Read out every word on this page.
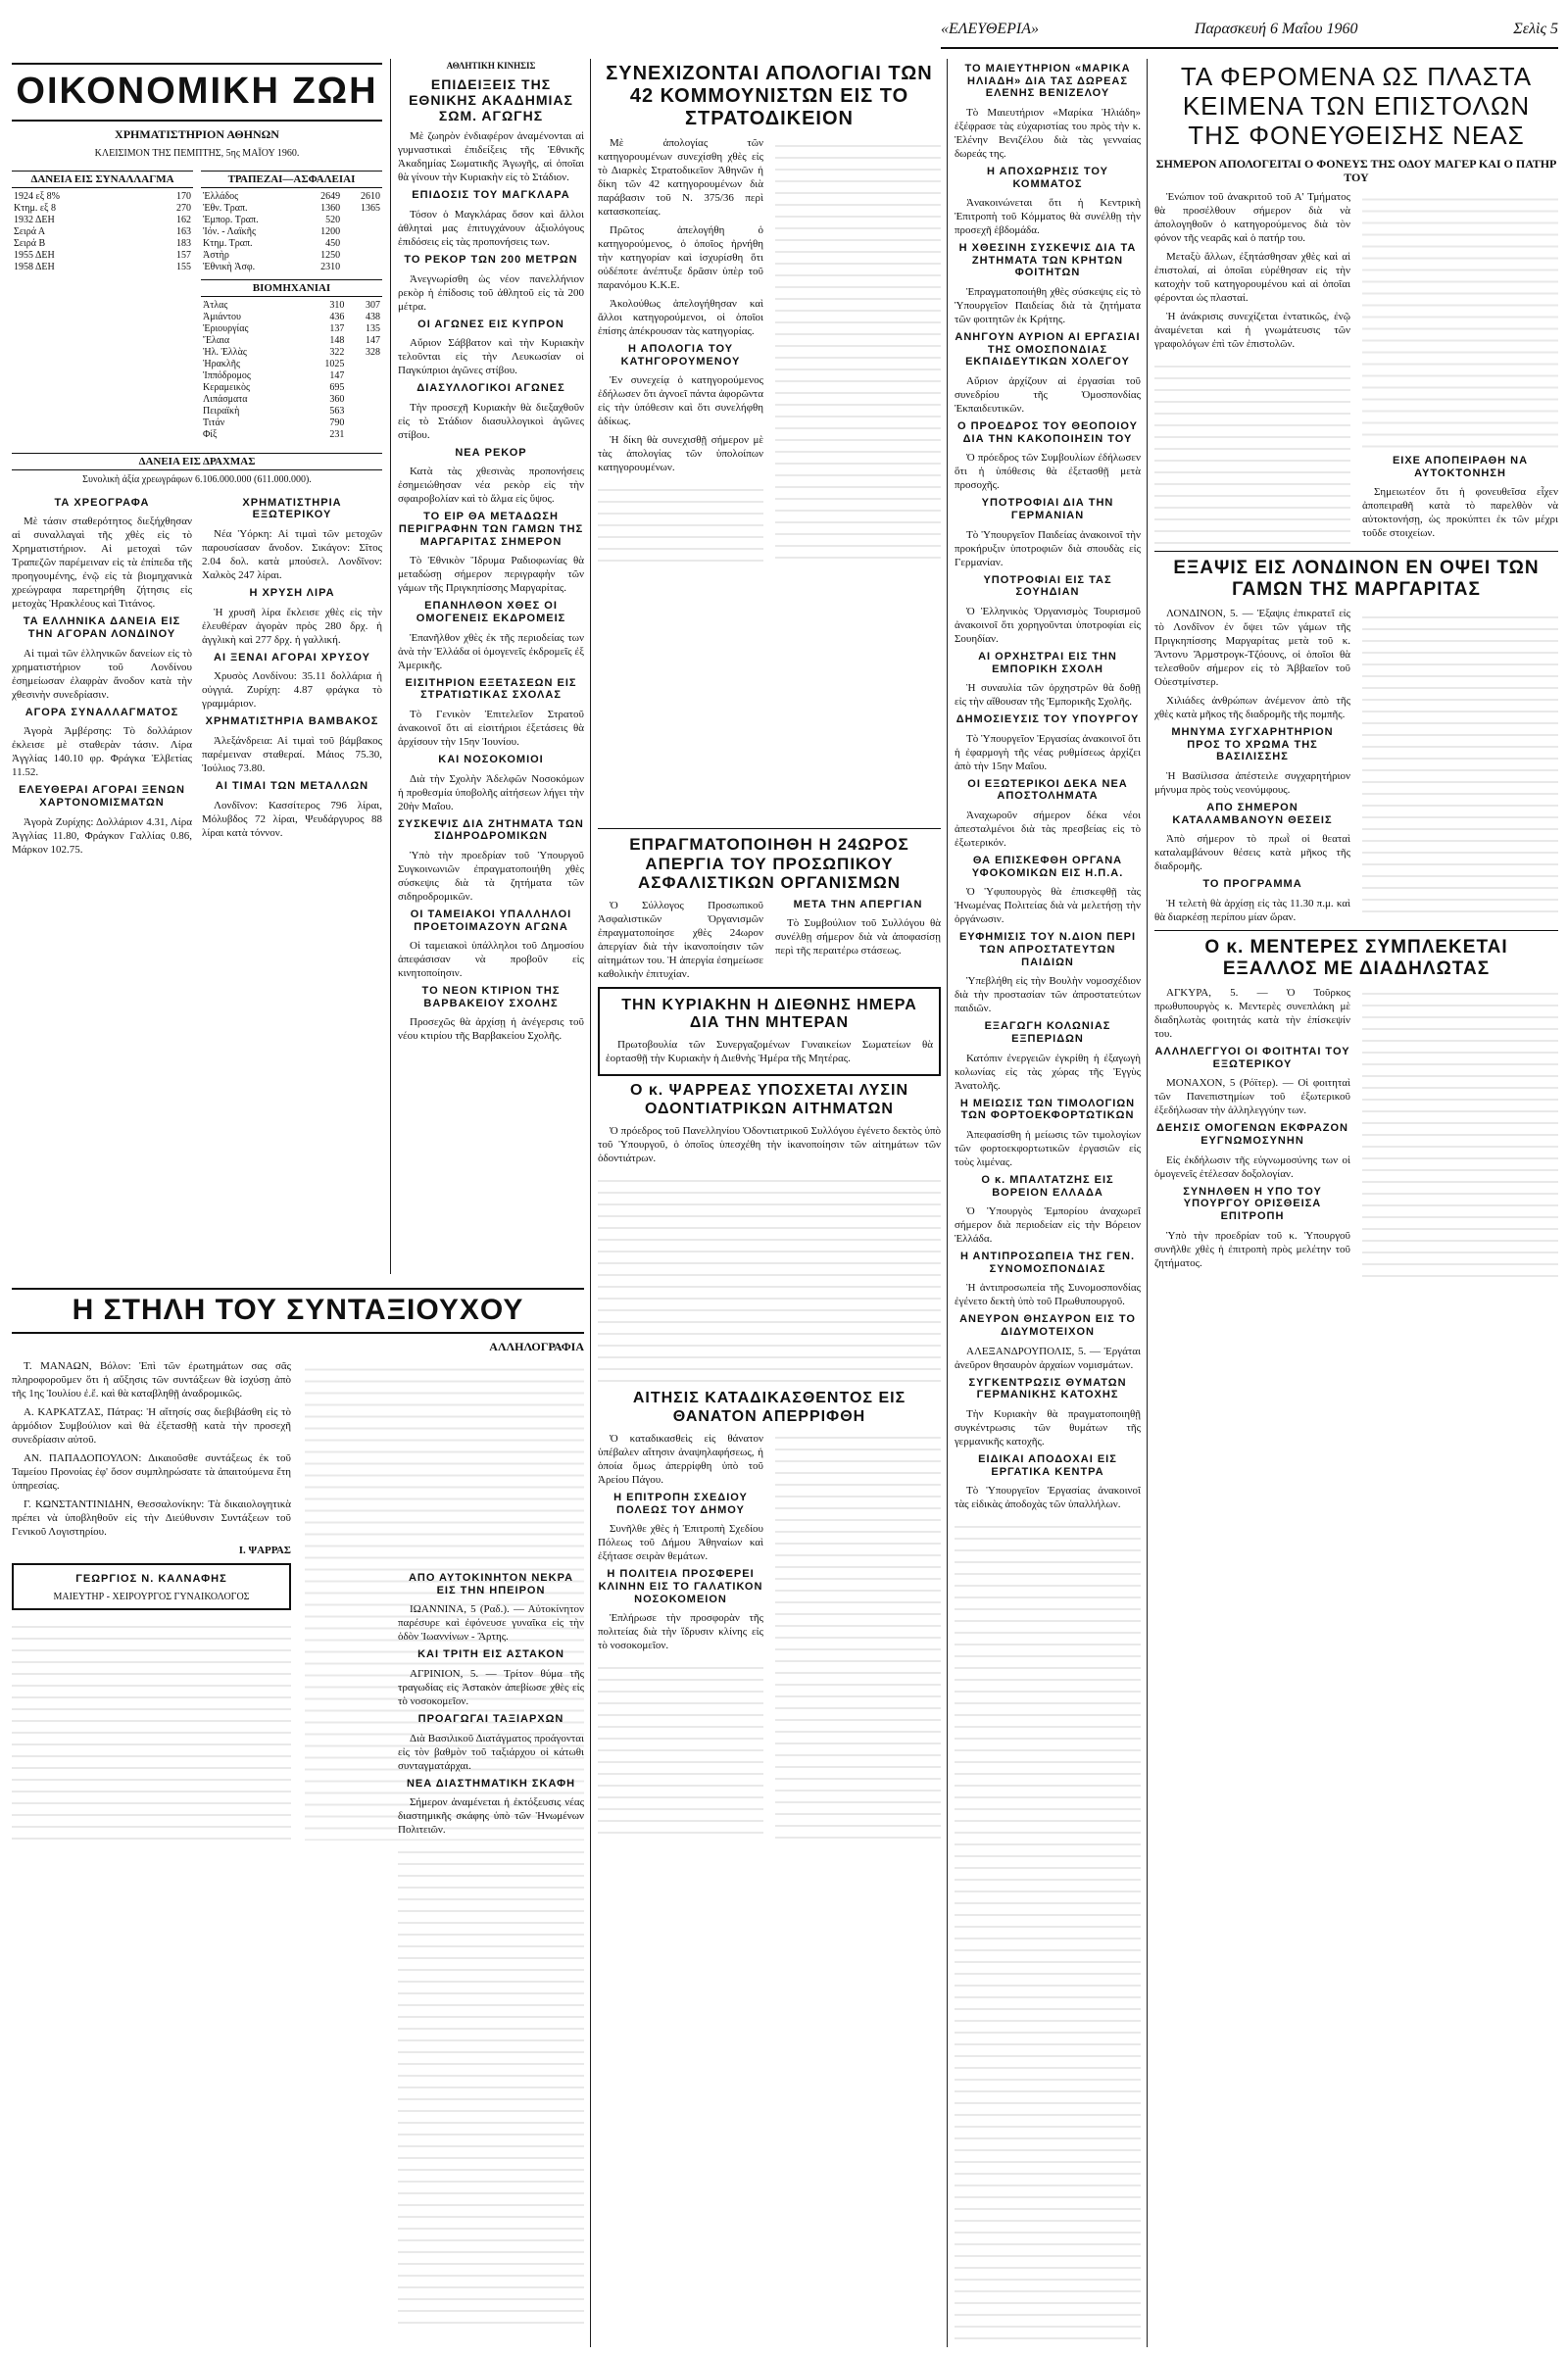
«ΕΛΕΥΘΕΡΙΑ»	Παρασκευή 6 Μαΐου 1960	Σελὶς 5
ΟΙΚΟΝΟΜΙΚΗ ΖΩΗ
ΧΡΗΜΑΤΙΣΤΗΡΙΟΝ ΑΘΗΝΩΝ
ΚΛΕΙΣΙΜΟΝ ΤΗΣ ΠΕΜΠΤΗΣ, 5ης ΜΑΪΟΥ 1960.
ΔΑΝΕΙΑ ΕΙΣ ΣΥΝΑΛΛΑΓΜΑ
1924 εξ 8%	170
Κτημ. εξ 8	270
1932 ΔΕΗ	162
Σειρά Α	163
Σειρά Β	183
1955 ΔΕΗ	157
1958 ΔΕΗ	155
ΤΡΑΠΕΖΑΙ—ΑΣΦΑΛΕΙΑΙ
Ἑλλάδος	2649	2610
Ἐθν. Τραπ.	1360	1365
Ἐμπορ. Τραπ.	520	
Ἰόν. - Λαϊκῆς	1200	
Κτημ. Τραπ.	450	
Ἀστὴρ	1250	
Ἐθνικὴ Ἀσφ.	2310	
ΒΙΟΜΗΧΑΝΙΑΙ
Ἀτλας	310	307
Ἀμιάντου	436	438
Ἐριουργίας	137	135
Ἔλαια	148	147
Ἡλ. Ἐλλὰς	322	328
Ἡρακλῆς	1025	
Ἰππόδρομος	147	
Κεραμεικὸς	695	
Λιπάσματα	360	
Πειραϊκὴ	563	
Τιτάν	790	
Φίξ	231	
ΔΑΝΕΙΑ ΕΙΣ ΔΡΑΧΜΑΣ
Συνολικὴ ἀξία χρεωγράφων 6.106.000.000 (611.000.000).
ΤΑ ΧΡΕΟΓΡΑΦΑ

Μὲ τάσιν σταθερότητος διεξήχθησαν αἱ συναλλαγαὶ τῆς χθὲς εἰς τὸ Χρηματιστήριον. Αἱ μετοχαὶ τῶν Τραπεζῶν παρέμειναν εἰς τὰ ἐπίπεδα τῆς προηγουμένης, ἐνῷ εἰς τὰ βιομηχανικὰ χρεώγραφα παρετηρήθη ζήτησις εἰς μετοχὰς Ἡρακλέους καὶ Τιτάνος.

ΤΑ ΕΛΛΗΝΙΚΑ ΔΑΝΕΙΑ ΕΙΣ ΤΗΝ ΑΓΟΡΑΝ ΛΟΝΔΙΝΟΥ

Αἱ τιμαὶ τῶν ἑλληνικῶν δανείων εἰς τὸ χρηματιστήριον τοῦ Λονδίνου ἐσημείωσαν ἐλαφρὰν ἄνοδον κατὰ τὴν χθεσινὴν συνεδρίασιν.

ΑΓΟΡΑ ΣΥΝΑΛΛΑΓΜΑΤΟΣ

Ἀγορὰ Ἀμβέρσης: Τὸ δολλάριον ἐκλεισε μὲ σταθερὰν τάσιν. Λίρα Ἀγγλίας 140.10 φρ. Φράγκα Ἑλβετίας 11.52.

ΕΛΕΥΘΕΡΑΙ ΑΓΟΡΑΙ ΞΕΝΩΝ ΧΑΡΤΟΝΟΜΙΣΜΑΤΩΝ

Ἀγορὰ Ζυρίχης: Δολλάριον 4.31, Λίρα Ἀγγλίας 11.80, Φράγκον Γαλλίας 0.86, Μάρκον 102.75.

ΧΡΗΜΑΤΙΣΤΗΡΙΑ ΕΞΩΤΕΡΙΚΟΥ

Νέα Ὑόρκη: Αἱ τιμαὶ τῶν μετοχῶν παρουσίασαν ἄνοδον. Σικάγον: Σῖτος 2.04 δολ. κατὰ μπούσελ. Λονδῖνον: Χαλκὸς 247 λίραι.

Η ΧΡΥΣΗ ΛΙΡΑ

Ἡ χρυσῆ λίρα ἔκλεισε χθὲς εἰς τὴν ἐλευθέραν ἀγορὰν πρὸς 280 δρχ. ἡ ἀγγλικὴ καὶ 277 δρχ. ἡ γαλλική.

ΑΙ ΞΕΝΑΙ ΑΓΟΡΑΙ ΧΡΥΣΟΥ

Χρυσὸς Λονδίνου: 35.11 δολλάρια ἡ οὐγγιά. Ζυρίχη: 4.87 φράγκα τὸ γραμμάριον.

ΧΡΗΜΑΤΙΣΤΗΡΙΑ ΒΑΜΒΑΚΟΣ

Ἀλεξάνδρεια: Αἱ τιμαὶ τοῦ βάμβακος παρέμειναν σταθεραί. Μάιος 75.30, Ἰούλιος 73.80.

ΑΙ ΤΙΜΑΙ ΤΩΝ ΜΕΤΑΛΛΩΝ

Λονδῖνον: Κασσίτερος 796 λίραι, Μόλυβδος 72 λίραι, Ψευδάργυρος 88 λίραι κατὰ τόννον.

Η ΣΤΗΛΗ ΤΟΥ ΣΥΝΤΑΞΙΟΥΧΟΥ
ΑΛΛΗΛΟΓΡΑΦΙΑ

Τ. ΜΑΝΑΩΝ, Βόλον: Ἐπὶ τῶν ἐρωτημάτων σας σᾶς πληροφοροῦμεν ὅτι ἡ αὔξησις τῶν συντάξεων θὰ ἰσχύσῃ ἀπὸ τῆς 1ης Ἰουλίου ἐ.ἔ. καὶ θὰ καταβληθῇ ἀναδρομικῶς.

Α. ΚΑΡΚΑΤΖΑΣ, Πάτρας: Ἡ αἴτησίς σας διεβιβάσθη εἰς τὸ ἁρμόδιον Συμβούλιον καὶ θὰ ἐξετασθῇ κατὰ τὴν προσεχῆ συνεδρίασιν αὐτοῦ.

ΑΝ. ΠΑΠΑΔΟΠΟΥΛΟΝ: Δικαιοῦσθε συντάξεως ἐκ τοῦ Ταμείου Προνοίας ἐφ' ὅσον συμπληρώσατε τὰ ἀπαιτούμενα ἔτη ὑπηρεσίας.

Γ. ΚΩΝΣΤΑΝΤΙΝΙΔΗΝ, Θεσσαλονίκην: Τὰ δικαιολογητικὰ πρέπει νὰ ὑποβληθοῦν εἰς τὴν Διεύθυνσιν Συντάξεων τοῦ Γενικοῦ Λογιστηρίου.

Ι. ΨΑΡΡΑΣ
ΓΕΩΡΓΙΟΣ Ν. ΚΑΛΝΑΦΗΣ
ΜΑΙΕΥΤΗΡ - ΧΕΙΡΟΥΡΓΟΣ ΓΥΝΑΙΚΟΛΟΓΟΣ
ΑΘΛΗΤΙΚΗ ΚΙΝΗΣΙΣ
ΕΠΙΔΕΙΞΕΙΣ ΤΗΣ ΕΘΝΙΚΗΣ ΑΚΑΔΗΜΙΑΣ ΣΩΜ. ΑΓΩΓΗΣ

Μὲ ζωηρὸν ἐνδιαφέρον ἀναμένονται αἱ γυμναστικαὶ ἐπιδείξεις τῆς Ἐθνικῆς Ἀκαδημίας Σωματικῆς Ἀγωγῆς, αἱ ὁποῖαι θὰ γίνουν τὴν Κυριακὴν εἰς τὸ Στάδιον.

ΕΠΙΔΟΣΙΣ ΤΟΥ ΜΑΓΚΛΑΡΑ

Τόσον ὁ Μαγκλάρας ὅσον καὶ ἄλλοι ἀθληταὶ μας ἐπιτυγχάνουν ἀξιολόγους ἐπιδόσεις εἰς τὰς προπονήσεις των.

ΤΟ ΡΕΚΟΡ ΤΩΝ 200 ΜΕΤΡΩΝ

Ἀνεγνωρίσθη ὡς νέον πανελλήνιον ρεκὸρ ἡ ἐπίδοσις τοῦ ἀθλητοῦ εἰς τὰ 200 μέτρα.

ΟΙ ΑΓΩΝΕΣ ΕΙΣ ΚΥΠΡΟΝ

Αὔριον Σάββατον καὶ τὴν Κυριακὴν τελοῦνται εἰς τὴν Λευκωσίαν οἱ Παγκύπριοι ἀγῶνες στίβου.

ΔΙΑΣΥΛΛΟΓΙΚΟΙ ΑΓΩΝΕΣ

Τὴν προσεχῆ Κυριακὴν θὰ διεξαχθοῦν εἰς τὸ Στάδιον διασυλλογικοὶ ἀγῶνες στίβου.

ΝΕΑ ΡΕΚΟΡ

Κατὰ τὰς χθεσινὰς προπονήσεις ἐσημειώθησαν νέα ρεκὸρ εἰς τὴν σφαιροβολίαν καὶ τὸ ἅλμα εἰς ὕψος.

ΤΟ ΕΙΡ ΘΑ ΜΕΤΑΔΩΣΗ ΠΕΡΙΓΡΑΦΗΝ ΤΩΝ ΓΑΜΩΝ ΤΗΣ ΜΑΡΓΑΡΙΤΑΣ ΣΗΜΕΡΟΝ

Τὸ Ἐθνικὸν Ἵδρυμα Ραδιοφωνίας θὰ μεταδώσῃ σήμερον περιγραφὴν τῶν γάμων τῆς Πριγκηπίσσης Μαργαρίτας.

ΕΠΑΝΗΛΘΟΝ ΧΘΕΣ ΟΙ ΟΜΟΓΕΝΕΙΣ ΕΚΔΡΟΜΕΙΣ

Ἐπανῆλθον χθὲς ἐκ τῆς περιοδείας των ἀνὰ τὴν Ἑλλάδα οἱ ὁμογενεῖς ἐκδρομεῖς ἐξ Ἀμερικῆς.

ΕΙΣΙΤΗΡΙΟΝ ΕΞΕΤΑΣΕΩΝ ΕΙΣ ΣΤΡΑΤΙΩΤΙΚΑΣ ΣΧΟΛΑΣ

Τὸ Γενικὸν Ἐπιτελεῖον Στρατοῦ ἀνακοινοῖ ὅτι αἱ εἰσιτήριοι ἐξετάσεις θὰ ἀρχίσουν τὴν 15ην Ἰουνίου.

ΚΑΙ ΝΟΣΟΚΟΜΙΟΙ

Διὰ τὴν Σχολὴν Ἀδελφῶν Νοσοκόμων ἡ προθεσμία ὑποβολῆς αἰτήσεων λήγει τὴν 20ὴν Μαΐου.

ΣΥΣΚΕΨΙΣ ΔΙΑ ΖΗΤΗΜΑΤΑ ΤΩΝ ΣΙΔΗΡΟΔΡΟΜΙΚΩΝ

Ὑπὸ τὴν προεδρίαν τοῦ Ὑπουργοῦ Συγκοινωνιῶν ἐπραγματοποιήθη χθὲς σύσκεψις διὰ τὰ ζητήματα τῶν σιδηροδρομικῶν.

ΟΙ ΤΑΜΕΙΑΚΟΙ ΥΠΑΛΛΗΛΟΙ ΠΡΟΕΤΟΙΜΑΖΟΥΝ ΑΓΩΝΑ

Οἱ ταμειακοὶ ὑπάλληλοι τοῦ Δημοσίου ἀπεφάσισαν νὰ προβοῦν εἰς κινητοποίησιν.

ΤΟ ΝΕΟΝ ΚΤΙΡΙΟΝ ΤΗΣ ΒΑΡΒΑΚΕΙΟΥ ΣΧΟΛΗΣ

Προσεχῶς θὰ ἀρχίσῃ ἡ ἀνέγερσις τοῦ νέου κτιρίου τῆς Βαρβακείου Σχολῆς.

ΑΠΟ ΑΥΤΟΚΙΝΗΤΟΝ ΝΕΚΡΑ ΕΙΣ ΤΗΝ ΗΠΕΙΡΟΝ

ΙΩΑΝΝΙΝΑ, 5 (Ραδ.). — Αὐτοκίνητον παρέσυρε καὶ ἐφόνευσε γυναῖκα εἰς τὴν ὁδὸν Ἰωαννίνων - Ἄρτης.

ΚΑΙ ΤΡΙΤΗ ΕΙΣ ΑΣΤΑΚΟΝ

ΑΓΡΙΝΙΟΝ, 5. — Τρίτον θύμα τῆς τραγωδίας εἰς Ἀστακὸν ἀπεβίωσε χθὲς εἰς τὸ νοσοκομεῖον.

ΠΡΟΑΓΩΓΑΙ ΤΑΞΙΑΡΧΩΝ

Διὰ Βασιλικοῦ Διατάγματος προάγονται εἰς τὸν βαθμὸν τοῦ ταξιάρχου οἱ κάτωθι συνταγματάρχαι.

ΝΕΑ ΔΙΑΣΤΗΜΑΤΙΚΗ ΣΚΑΦΗ

Σήμερον ἀναμένεται ἡ ἐκτόξευσις νέας διαστημικῆς σκάφης ὑπὸ τῶν Ἡνωμένων Πολιτειῶν.

ΣΥΝΕΧΙΖΟΝΤΑΙ ΑΠΟΛΟΓΙΑΙ ΤΩΝ 42 ΚΟΜΜΟΥΝΙΣΤΩΝ ΕΙΣ ΤΟ ΣΤΡΑΤΟΔΙΚΕΙΟΝ

Μὲ ἀπολογίας τῶν κατηγορουμένων συνεχίσθη χθὲς εἰς τὸ Διαρκὲς Στρατοδικεῖον Ἀθηνῶν ἡ δίκη τῶν 42 κατηγορουμένων διὰ παράβασιν τοῦ Ν. 375/36 περὶ κατασκοπείας.

Πρῶτος ἀπελογήθη ὁ κατηγορούμενος, ὁ ὁποῖος ἠρνήθη τὴν κατηγορίαν καὶ ἰσχυρίσθη ὅτι οὐδέποτε ἀνέπτυξε δρᾶσιν ὑπὲρ τοῦ παρανόμου Κ.Κ.Ε.

Ἀκολούθως ἀπελογήθησαν καὶ ἄλλοι κατηγορούμενοι, οἱ ὁποῖοι ἐπίσης ἀπέκρουσαν τὰς κατηγορίας.

Η ΑΠΟΛΟΓΙΑ ΤΟΥ ΚΑΤΗΓΟΡΟΥΜΕΝΟΥ

Ἐν συνεχείᾳ ὁ κατηγορούμενος ἐδήλωσεν ὅτι ἀγνοεῖ πάντα ἀφορῶντα εἰς τὴν ὑπόθεσιν καὶ ὅτι συνελήφθη ἀδίκως.

Ἡ δίκη θὰ συνεχισθῇ σήμερον μὲ τὰς ἀπολογίας τῶν ὑπολοίπων κατηγορουμένων.

ΕΠΡΑΓΜΑΤΟΠΟΙΗΘΗ Η 24ΩΡΟΣ ΑΠΕΡΓΙΑ ΤΟΥ ΠΡΟΣΩΠΙΚΟΥ ΑΣΦΑΛΙΣΤΙΚΩΝ ΟΡΓΑΝΙΣΜΩΝ

Ὁ Σύλλογος Προσωπικοῦ Ἀσφαλιστικῶν Ὀργανισμῶν ἐπραγματοποίησε χθὲς 24ωρον ἀπεργίαν διὰ τὴν ἱκανοποίησιν τῶν αἰτημάτων του. Ἡ ἀπεργία ἐσημείωσε καθολικὴν ἐπιτυχίαν.

ΜΕΤΑ ΤΗΝ ΑΠΕΡΓΙΑΝ

Τὸ Συμβούλιον τοῦ Συλλόγου θὰ συνέλθῃ σήμερον διὰ νὰ ἀποφασίσῃ περὶ τῆς περαιτέρω στάσεως.

ΤΗΝ ΚΥΡΙΑΚΗΝ Η ΔΙΕΘΝΗΣ ΗΜΕΡΑ ΔΙΑ ΤΗΝ ΜΗΤΕΡΑΝ

Πρωτοβουλία τῶν Συνεργαζομένων Γυναικείων Σωματείων θὰ ἑορτασθῇ τὴν Κυριακὴν ἡ Διεθνὴς Ἡμέρα τῆς Μητέρας.

Ο κ. ΨΑΡΡΕΑΣ ΥΠΟΣΧΕΤΑΙ ΛΥΣΙΝ ΟΔΟΝΤΙΑΤΡΙΚΩΝ ΑΙΤΗΜΑΤΩΝ

Ὁ πρόεδρος τοῦ Πανελληνίου Ὀδοντιατρικοῦ Συλλόγου ἐγένετο δεκτὸς ὑπὸ τοῦ Ὑπουργοῦ, ὁ ὁποῖος ὑπεσχέθη τὴν ἱκανοποίησιν τῶν αἰτημάτων τῶν ὀδοντιάτρων.

ΑΙΤΗΣΙΣ ΚΑΤΑΔΙΚΑΣΘΕΝΤΟΣ ΕΙΣ ΘΑΝΑΤΟΝ ΑΠΕΡΡΙΦΘΗ

Ὁ καταδικασθεὶς εἰς θάνατον ὑπέβαλεν αἴτησιν ἀναψηλαφήσεως, ἡ ὁποία ὅμως ἀπερρίφθη ὑπὸ τοῦ Ἀρείου Πάγου.

Η ΕΠΙΤΡΟΠΗ ΣΧΕΔΙΟΥ ΠΟΛΕΩΣ ΤΟΥ ΔΗΜΟΥ

Συνῆλθε χθὲς ἡ Ἐπιτροπὴ Σχεδίου Πόλεως τοῦ Δήμου Ἀθηναίων καὶ ἐξήτασε σειρὰν θεμάτων.

Η ΠΟΛΙΤΕΙΑ ΠΡΟΣΦΕΡΕΙ ΚΛΙΝΗΝ ΕΙΣ ΤΟ ΓΑΛΑΤΙΚΟΝ ΝΟΣΟΚΟΜΕΙΟΝ

Ἐπλήρωσε τὴν προσφορὰν τῆς πολιτείας διὰ τὴν ἵδρυσιν κλίνης εἰς τὸ νοσοκομεῖον.

ΤΟ ΜΑΙΕΥΤΗΡΙΟΝ «ΜΑΡΙΚΑ ΗΛΙΑΔΗ» ΔΙΑ ΤΑΣ ΔΩΡΕΑΣ ΕΛΕΝΗΣ ΒΕΝΙΖΕΛΟΥ

Τὸ Μαιευτήριον «Μαρίκα Ἠλιάδη» ἐξέφρασε τὰς εὐχαριστίας του πρὸς τὴν κ. Ἑλένην Βενιζέλου διὰ τὰς γενναίας δωρεάς της.

Η ΑΠΟΧΩΡΗΣΙΣ ΤΟΥ ΚΟΜΜΑΤΟΣ

Ἀνακοινώνεται ὅτι ἡ Κεντρικὴ Ἐπιτροπὴ τοῦ Κόμματος θὰ συνέλθῃ τὴν προσεχῆ ἑβδομάδα.

Η ΧΘΕΣΙΝΗ ΣΥΣΚΕΨΙΣ ΔΙΑ ΤΑ ΖΗΤΗΜΑΤΑ ΤΩΝ ΚΡΗΤΩΝ ΦΟΙΤΗΤΩΝ

Ἐπραγματοποιήθη χθὲς σύσκεψις εἰς τὸ Ὑπουργεῖον Παιδείας διὰ τὰ ζητήματα τῶν φοιτητῶν ἐκ Κρήτης.

ΑΝΗΓΟΥΝ ΑΥΡΙΟΝ ΑΙ ΕΡΓΑΣΙΑΙ ΤΗΣ ΟΜΟΣΠΟΝΔΙΑΣ ΕΚΠΑΙΔΕΥΤΙΚΩΝ ΧΟΛΕΓΟΥ

Αὔριον ἀρχίζουν αἱ ἐργασίαι τοῦ συνεδρίου τῆς Ὁμοσπονδίας Ἐκπαιδευτικῶν.

Ο ΠΡΟΕΔΡΟΣ ΤΟΥ ΘΕΟΠΟΙΟΥ ΔΙΑ ΤΗΝ ΚΑΚΟΠΟΙΗΣΙΝ ΤΟΥ

Ὁ πρόεδρος τῶν Συμβουλίων ἐδήλωσεν ὅτι ἡ ὑπόθεσις θὰ ἐξετασθῇ μετὰ προσοχῆς.

ΥΠΟΤΡΟΦΙΑΙ ΔΙΑ ΤΗΝ ΓΕΡΜΑΝΙΑΝ

Τὸ Ὑπουργεῖον Παιδείας ἀνακοινοῖ τὴν προκήρυξιν ὑποτροφιῶν διὰ σπουδὰς εἰς Γερμανίαν.

ΥΠΟΤΡΟΦΙΑΙ ΕΙΣ ΤΑΣ ΣΟΥΗΔΙΑΝ

Ὁ Ἑλληνικὸς Ὀργανισμὸς Τουρισμοῦ ἀνακοινοῖ ὅτι χορηγοῦνται ὑποτροφίαι εἰς Σουηδίαν.

ΑΙ ΟΡΧΗΣΤΡΑΙ ΕΙΣ ΤΗΝ ΕΜΠΟΡΙΚΗ ΣΧΟΛΗ

Ἡ συναυλία τῶν ὀρχηστρῶν θὰ δοθῇ εἰς τὴν αἴθουσαν τῆς Ἐμπορικῆς Σχολῆς.

ΔΗΜΟΣΙΕΥΣΙΣ ΤΟΥ ΥΠΟΥΡΓΟΥ

Τὸ Ὑπουργεῖον Ἐργασίας ἀνακοινοῖ ὅτι ἡ ἐφαρμογὴ τῆς νέας ρυθμίσεως ἀρχίζει ἀπὸ τὴν 15ην Μαΐου.

ΟΙ ΕΞΩΤΕΡΙΚΟΙ ΔΕΚΑ ΝΕΑ ΑΠΟΣΤΟΛΗΜΑΤΑ

Ἀναχωροῦν σήμερον δέκα νέοι ἀπεσταλμένοι διὰ τὰς πρεσβείας εἰς τὸ ἐξωτερικόν.

ΘΑ ΕΠΙΣΚΕΦΘΗ ΟΡΓΑΝΑ ΥΦΟΚΟΜΙΚΩΝ ΕΙΣ Η.Π.Α.

Ὁ Ὑφυπουργὸς θὰ ἐπισκεφθῇ τὰς Ἡνωμένας Πολιτείας διὰ νὰ μελετήσῃ τὴν ὀργάνωσιν.

ΕΥΦΗΜΙΣΙΣ ΤΟΥ Ν.ΔΙΟΝ ΠΕΡΙ ΤΩΝ ΑΠΡΟΣΤΑΤΕΥΤΩΝ ΠΑΙΔΙΩΝ

Ὑπεβλήθη εἰς τὴν Βουλὴν νομοσχέδιον διὰ τὴν προστασίαν τῶν ἀπροστατεύτων παιδιῶν.

ΕΞΑΓΩΓΗ ΚΟΛΩΝΙΑΣ ΕΞΠΕΡΙΔΩΝ

Κατόπιν ἐνεργειῶν ἐγκρίθη ἡ ἐξαγωγὴ κολωνίας εἰς τὰς χώρας τῆς Ἐγγὺς Ἀνατολῆς.

Η ΜΕΙΩΣΙΣ ΤΩΝ ΤΙΜΟΛΟΓΙΩΝ ΤΩΝ ΦΟΡΤΟΕΚΦΟΡΤΩΤΙΚΩΝ

Ἀπεφασίσθη ἡ μείωσις τῶν τιμολογίων τῶν φορτοεκφορτωτικῶν ἐργασιῶν εἰς τοὺς λιμένας.

Ο κ. ΜΠΑΛΤΑΤΖΗΣ ΕΙΣ ΒΟΡΕΙΟΝ ΕΛΛΑΔΑ

Ὁ Ὑπουργὸς Ἐμπορίου ἀναχωρεῖ σήμερον διὰ περιοδείαν εἰς τὴν Βόρειον Ἑλλάδα.

Η ΑΝΤΙΠΡΟΣΩΠΕΙΑ ΤΗΣ ΓΕΝ. ΣΥΝΟΜΟΣΠΟΝΔΙΑΣ

Ἡ ἀντιπροσωπεία τῆς Συνομοσπονδίας ἐγένετο δεκτὴ ὑπὸ τοῦ Πρωθυπουργοῦ.

ΑΝΕΥΡΟΝ ΘΗΣΑΥΡΟΝ ΕΙΣ ΤΟ ΔΙΔΥΜΟΤΕΙΧΟΝ

ΑΛΕΞΑΝΔΡΟΥΠΟΛΙΣ, 5. — Ἐργάται ἀνεῦρον θησαυρὸν ἀρχαίων νομισμάτων.

ΣΥΓΚΕΝΤΡΩΣΙΣ ΘΥΜΑΤΩΝ ΓΕΡΜΑΝΙΚΗΣ ΚΑΤΟΧΗΣ

Τὴν Κυριακὴν θὰ πραγματοποιηθῇ συγκέντρωσις τῶν θυμάτων τῆς γερμανικῆς κατοχῆς.

ΕΙΔΙΚΑΙ ΑΠΟΔΟΧΑΙ ΕΙΣ ΕΡΓΑΤΙΚΑ ΚΕΝΤΡΑ

Τὸ Ὑπουργεῖον Ἐργασίας ἀνακοινοῖ τὰς εἰδικὰς ἀποδοχὰς τῶν ὑπαλλήλων.

ΤΑ ΦΕΡΟΜΕΝΑ ΩΣ ΠΛΑΣΤΑ ΚΕΙΜΕΝΑ ΤΩΝ ΕΠΙΣΤΟΛΩΝ ΤΗΣ ΦΟΝΕΥΘΕΙΣΗΣ ΝΕΑΣ
ΣΗΜΕΡΟΝ ΑΠΟΛΟΓΕΙΤΑΙ Ο ΦΟΝΕΥΣ ΤΗΣ ΟΔΟΥ ΜΑΓΕΡ ΚΑΙ Ο ΠΑΤΗΡ ΤΟΥ

Ἐνώπιον τοῦ ἀνακριτοῦ τοῦ Α' Τμήματος θὰ προσέλθουν σήμερον διὰ νὰ ἀπολογηθοῦν ὁ κατηγορούμενος διὰ τὸν φόνον τῆς νεαρᾶς καὶ ὁ πατήρ του.

Μεταξὺ ἄλλων, ἐξητάσθησαν χθὲς καὶ αἱ ἐπιστολαί, αἱ ὁποῖαι εὑρέθησαν εἰς τὴν κατοχὴν τοῦ κατηγορουμένου καὶ αἱ ὁποῖαι φέρονται ὡς πλασταί.

Ἡ ἀνάκρισις συνεχίζεται ἐντατικῶς, ἐνῷ ἀναμένεται καὶ ἡ γνωμάτευσις τῶν γραφολόγων ἐπὶ τῶν ἐπιστολῶν.

ΕΙΧΕ ΑΠΟΠΕΙΡΑΘΗ ΝΑ ΑΥΤΟΚΤΟΝΗΣΗ

Σημειωτέον ὅτι ἡ φονευθεῖσα εἶχεν ἀποπειραθῆ κατὰ τὸ παρελθὸν νὰ αὐτοκτονήσῃ, ὡς προκύπτει ἐκ τῶν μέχρι τοῦδε στοιχείων.

ΕΞΑΨΙΣ ΕΙΣ ΛΟΝΔΙΝΟΝ ΕΝ ΟΨΕΙ ΤΩΝ ΓΑΜΩΝ ΤΗΣ ΜΑΡΓΑΡΙΤΑΣ

ΛΟΝΔΙΝΟΝ, 5. — Ἐξαψις ἐπικρατεῖ εἰς τὸ Λονδῖνον ἐν ὄψει τῶν γάμων τῆς Πριγκηπίσσης Μαργαρίτας μετὰ τοῦ κ. Ἄντονυ Ἄρμστρογκ-Τζόουνς, οἱ ὁποῖοι θὰ τελεσθοῦν σήμερον εἰς τὸ Ἀββαεῖον τοῦ Οὐεστμίνστερ.

Χιλιάδες ἀνθρώπων ἀνέμενον ἀπὸ τῆς χθὲς κατὰ μῆκος τῆς διαδρομῆς τῆς πομπῆς.

ΜΗΝΥΜΑ ΣΥΓΧΑΡΗΤΗΡΙΟΝ ΠΡΟΣ ΤΟ ΧΡΩΜΑ ΤΗΣ ΒΑΣΙΛΙΣΣΗΣ

Ἡ Βασίλισσα ἀπέστειλε συγχαρητήριον μήνυμα πρὸς τοὺς νεονύμφους.

ΑΠΟ ΣΗΜΕΡΟΝ ΚΑΤΑΛΑΜΒΑΝΟΥΝ ΘΕΣΕΙΣ

Ἀπὸ σήμερον τὸ πρωῒ οἱ θεαταὶ καταλαμβάνουν θέσεις κατὰ μῆκος τῆς διαδρομῆς.

ΤΟ ΠΡΟΓΡΑΜΜΑ

Ἡ τελετὴ θὰ ἀρχίσῃ εἰς τὰς 11.30 π.μ. καὶ θὰ διαρκέσῃ περίπου μίαν ὥραν.

Ο κ. ΜΕΝΤΕΡΕΣ ΣΥΜΠΛΕΚΕΤΑΙ ΕΞΑΛΛΟΣ ΜΕ ΔΙΑΔΗΛΩΤΑΣ

ΑΓΚΥΡΑ, 5. — Ὁ Τοῦρκος πρωθυπουργὸς κ. Μεντερὲς συνεπλάκη μὲ διαδηλωτὰς φοιτητάς κατὰ τὴν ἐπίσκεψίν του.

ΑΛΛΗΛΕΓΓΥΟΙ ΟΙ ΦΟΙΤΗΤΑΙ ΤΟΥ ΕΞΩΤΕΡΙΚΟΥ

ΜΟΝΑΧΟΝ, 5 (Ρόϊτερ). — Οἱ φοιτηταὶ τῶν Πανεπιστημίων τοῦ ἐξωτερικοῦ ἐξεδήλωσαν τὴν ἀλληλεγγύην των.

ΔΕΗΣΙΣ ΟΜΟΓΕΝΩΝ ΕΚΦΡΑΖΟΝ ΕΥΓΝΩΜΟΣΥΝΗΝ

Εἰς ἐκδήλωσιν τῆς εὐγνωμοσύνης των οἱ ὁμογενεῖς ἐτέλεσαν δοξολογίαν.

ΣΥΝΗΛΘΕΝ Η ΥΠΟ ΤΟΥ ΥΠΟΥΡΓΟΥ ΟΡΙΣΘΕΙΣΑ ΕΠΙΤΡΟΠΗ

Ὑπὸ τὴν προεδρίαν τοῦ κ. Ὑπουργοῦ συνῆλθε χθὲς ἡ ἐπιτροπὴ πρὸς μελέτην τοῦ ζητήματος.
